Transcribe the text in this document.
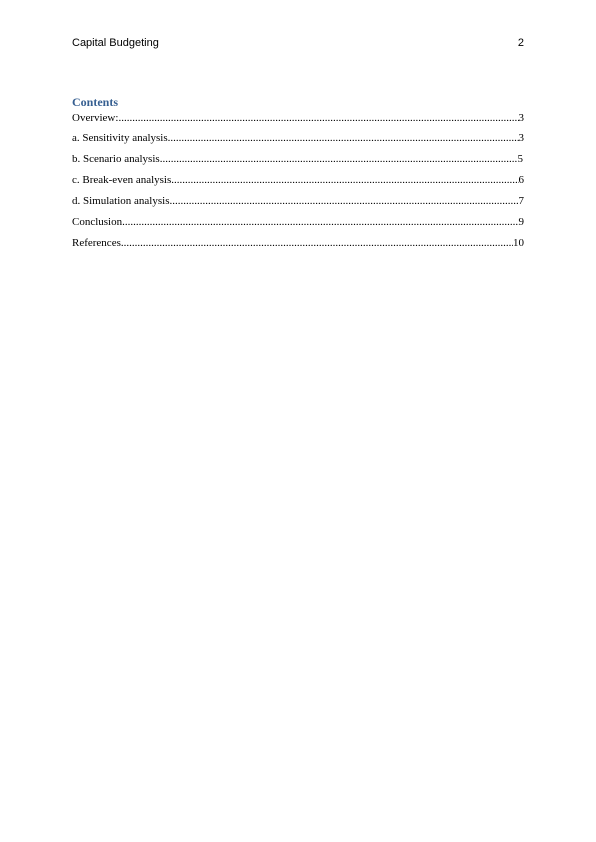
Capital Budgeting	2
Contents
Overview: .....	3
a. Sensitivity analysis .....	3
b. Scenario analysis .....	5
c. Break-even analysis .....	6
d. Simulation analysis .....	7
Conclusion .....	9
References .....	10
